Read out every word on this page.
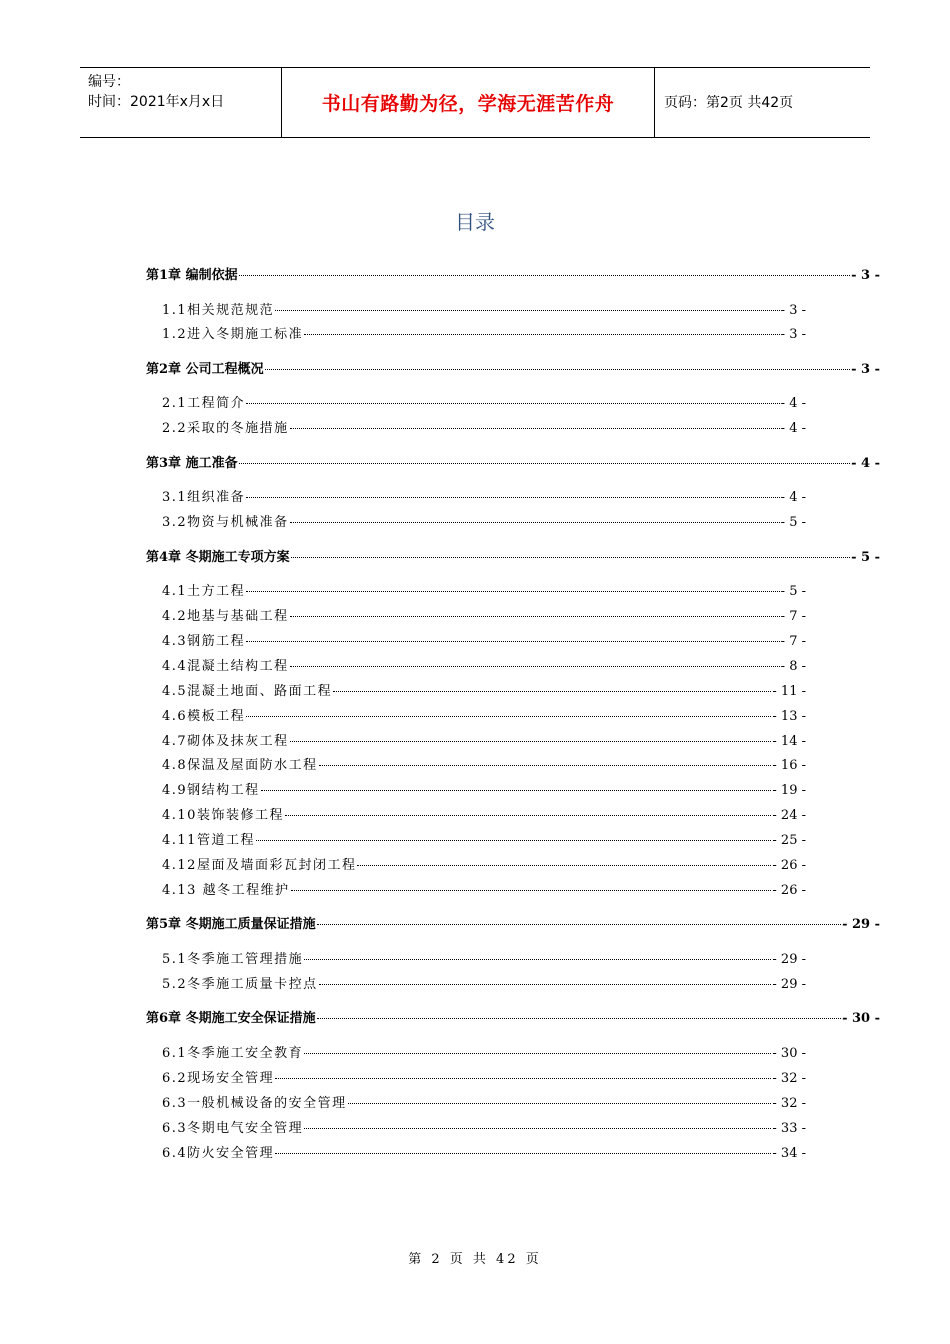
编号：
时间：2021年x月x日	书山有路勤为径，学海无涯苦作舟	页码：第2页 共42页
目录
第1章 编制依据	- 3 -
1.1相关规范规范	- 3 -
1.2进入冬期施工标准	- 3 -
第2章 公司工程概况	- 3 -
2.1工程简介	- 4 -
2.2采取的冬施措施	- 4 -
第3章 施工准备	- 4 -
3.1组织准备	- 4 -
3.2物资与机械准备	- 5 -
第4章 冬期施工专项方案	- 5 -
4.1土方工程	- 5 -
4.2地基与基础工程	- 7 -
4.3钢筋工程	- 7 -
4.4混凝土结构工程	- 8 -
4.5混凝土地面、路面工程	- 11 -
4.6模板工程	- 13 -
4.7砌体及抹灰工程	- 14 -
4.8保温及屋面防水工程	- 16 -
4.9钢结构工程	- 19 -
4.10装饰装修工程	- 24 -
4.11管道工程	- 25 -
4.12屋面及墙面彩瓦封闭工程	- 26 -
4.13 越冬工程维护	- 26 -
第5章 冬期施工质量保证措施	- 29 -
5.1冬季施工管理措施	- 29 -
5.2冬季施工质量卡控点	- 29 -
第6章 冬期施工安全保证措施	- 30 -
6.1冬季施工安全教育	- 30 -
6.2现场安全管理	- 32 -
6.3一般机械设备的安全管理	- 32 -
6.3冬期电气安全管理	- 33 -
6.4防火安全管理	- 34 -
第 2 页 共 42 页
